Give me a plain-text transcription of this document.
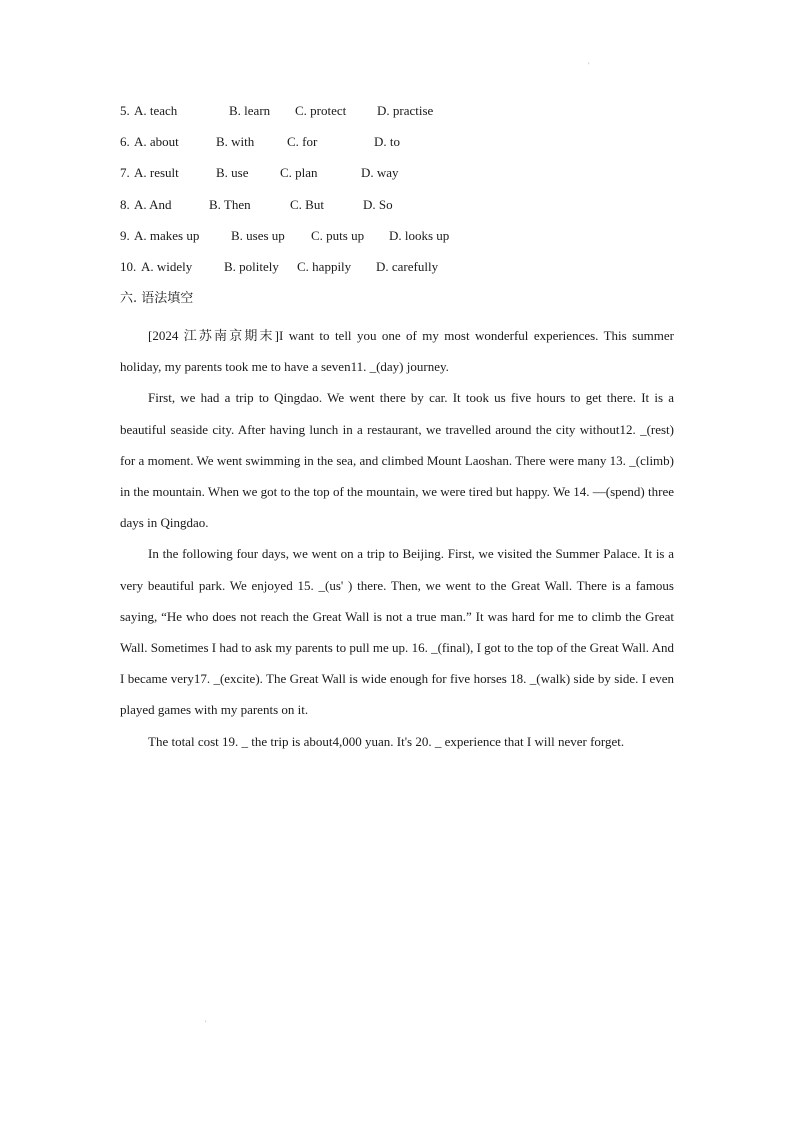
'
5. A. teach	B. learn C. protect D. practise
6. A. about	B. with	C. for	D. to
7. A. result	B. use C. plan	D. way
8. A. And	B. Then	C. But	D. So
9. A. makes up B. uses up C. puts up D. looks up
10. A. widely B. politely C. happily D. carefully
六. 语法填空

[2024 江苏南京期末]I want to tell you one of my most wonderful experiences. This summer holiday, my parents took me to have a seven11. _(day) journey.

First, we had a trip to Qingdao. We went there by car. It took us five hours to get there. It is a beautiful seaside city. After having lunch in a restaurant, we travelled around the city without12. _(rest) for a moment. We went swimming in the sea, and climbed Mount Laoshan. There were many 13. _(climb) in the mountain. When we got to the top of the mountain, we were tired but happy. We 14. —(spend) three days in Qingdao.

In the following four days, we went on a trip to Beijing. First, we visited the Summer Palace. It is a very beautiful park. We enjoyed 15. _(us' ) there. Then, we went to the Great Wall. There is a famous saying, “He who does not reach the Great Wall is not a true man.” It was hard for me to climb the Great Wall. Sometimes I had to ask my parents to pull me up. 16. _(final), I got to the top of the Great Wall. And I became very17. _(excite). The Great Wall is wide enough for five horses 18. _(walk) side by side. I even played games with my parents on it.

The total cost 19. _ the trip is about4,000 yuan. It's 20. _ experience that I will never forget.

'
